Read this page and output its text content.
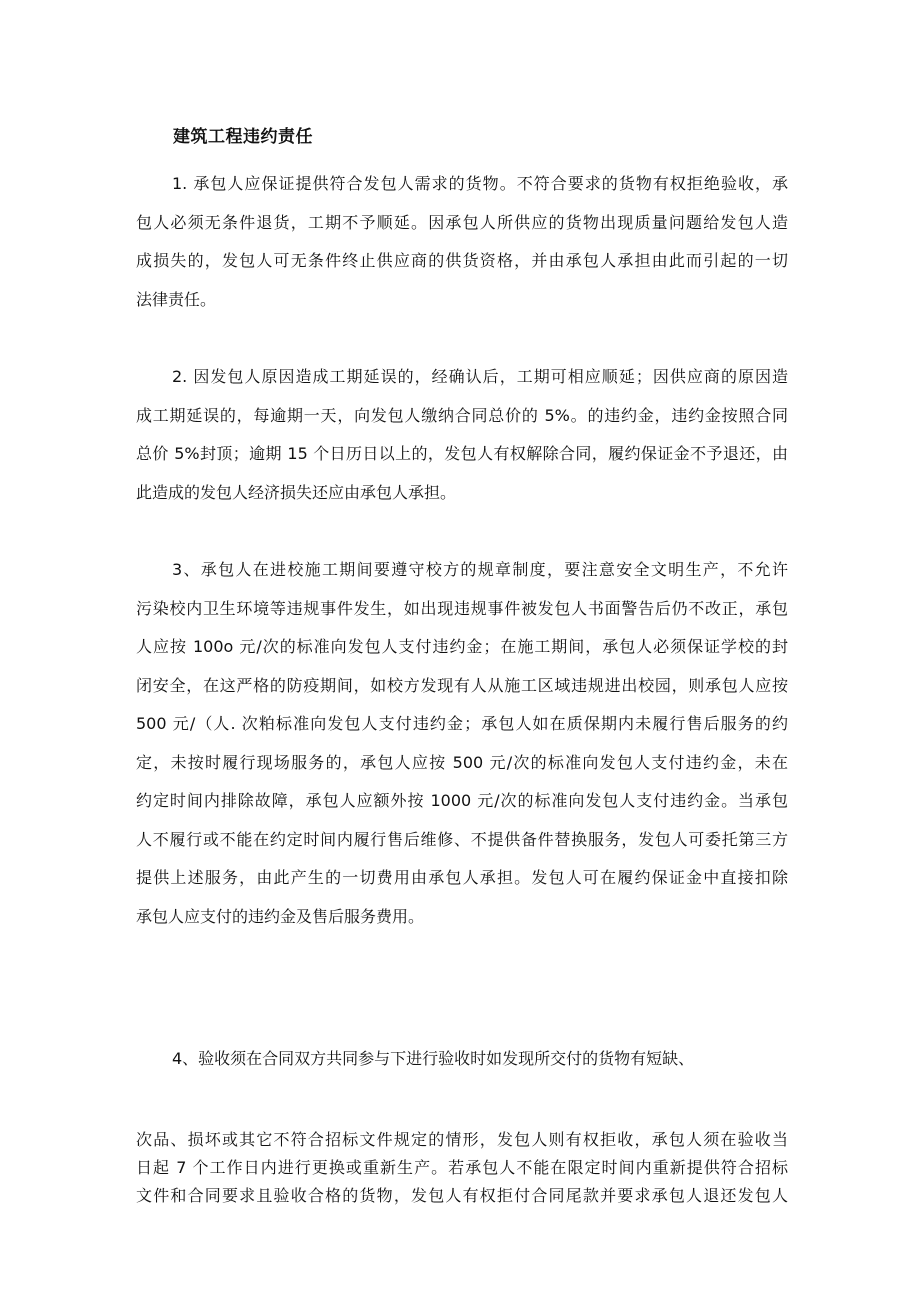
建筑工程违约责任
1. 承包人应保证提供符合发包人需求的货物。不符合要求的货物有权拒绝验收，承
包人必须无条件退货，工期不予顺延。因承包人所供应的货物出现质量问题给发包人造
成损失的，发包人可无条件终止供应商的供货资格，并由承包人承担由此而引起的一切
法律责任。
2. 因发包人原因造成工期延误的，经确认后，工期可相应顺延；因供应商的原因造
成工期延误的，每逾期一天，向发包人缴纳合同总价的 5%。的违约金，违约金按照合同
总价 5%封顶；逾期 15 个日历日以上的，发包人有权解除合同，履约保证金不予退还，由
此造成的发包人经济损失还应由承包人承担。
3、承包人在进校施工期间要遵守校方的规章制度，要注意安全文明生产，不允许
污染校内卫生环境等违规事件发生，如出现违规事件被发包人书面警告后仍不改正，承包
人应按 100o 元/次的标准向发包人支付违约金；在施工期间，承包人必须保证学校的封
闭安全，在这严格的防疫期间，如校方发现有人从施工区域违规进出校园，则承包人应按
500 元/（人. 次粕标准向发包人支付违约金；承包人如在质保期内未履行售后服务的约
定，未按时履行现场服务的，承包人应按 500 元/次的标准向发包人支付违约金，未在
约定时间内排除故障，承包人应额外按 1000 元/次的标准向发包人支付违约金。当承包
人不履行或不能在约定时间内履行售后维修、不提供备件替换服务，发包人可委托第三方
提供上述服务，由此产生的一切费用由承包人承担。发包人可在履约保证金中直接扣除
承包人应支付的违约金及售后服务费用。
4、验收须在合同双方共同参与下进行验收时如发现所交付的货物有短缺、
次品、损坏或其它不符合招标文件规定的情形，发包人则有权拒收，承包人须在验收当
日起 7 个工作日内进行更换或重新生产。若承包人不能在限定时间内重新提供符合招标
文件和合同要求且验收合格的货物，发包人有权拒付合同尾款并要求承包人退还发包人
